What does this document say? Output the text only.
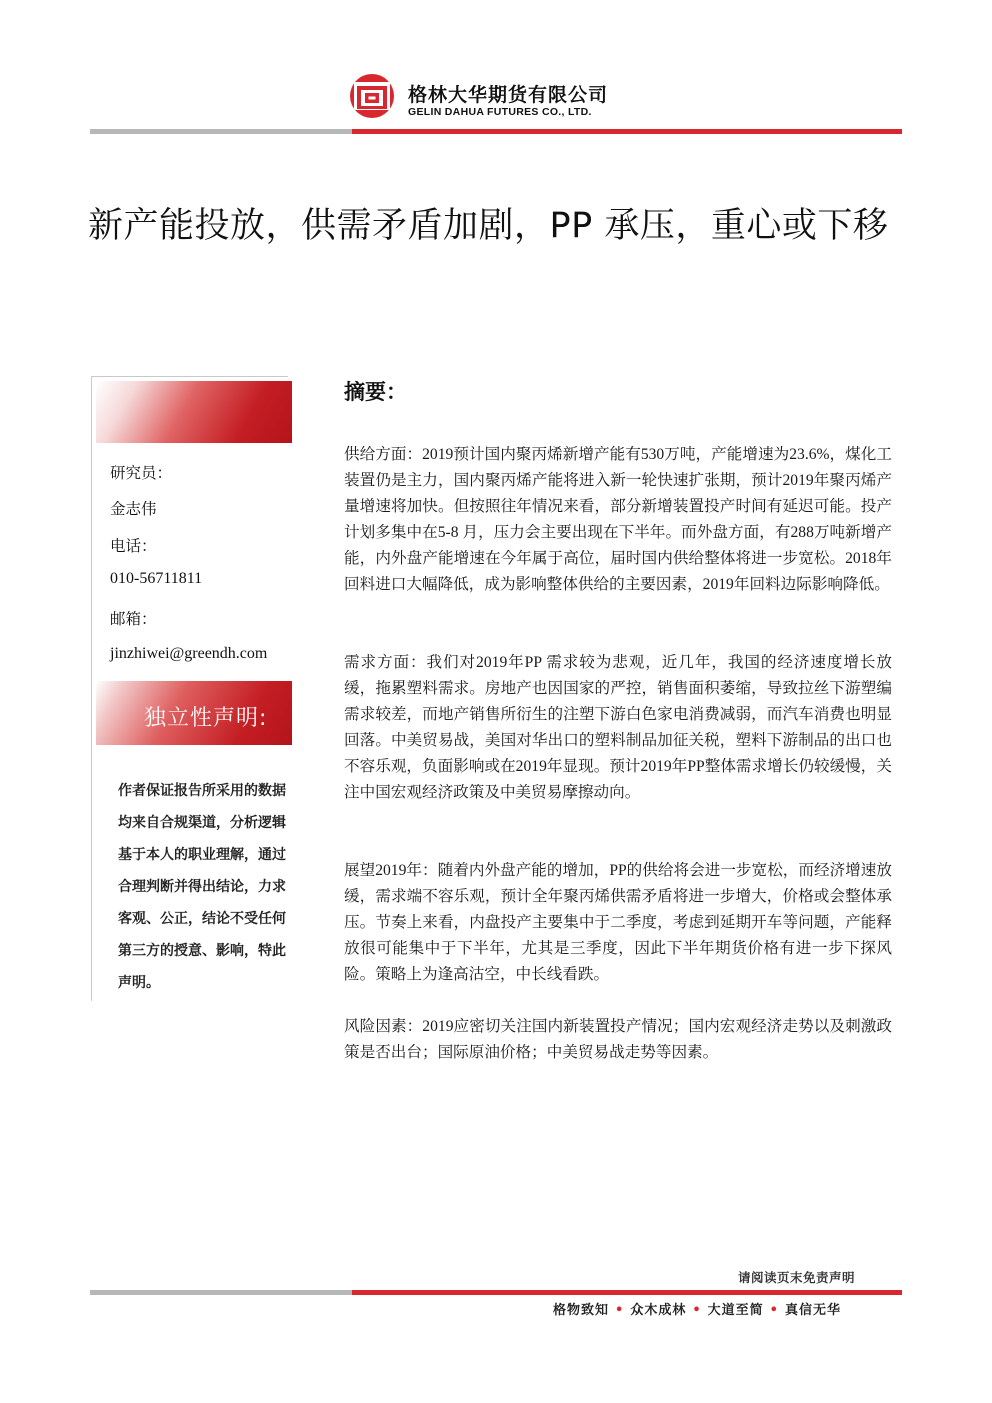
格林大华期货有限公司
GELIN DAHUA FUTURES CO., LTD.
新产能投放，供需矛盾加剧，PP 承压，重心或下移
研究员：
金志伟
电话：
010-56711811
邮箱：
jinzhiwei@greendh.com
独立性声明:
作者保证报告所采用的数据均来自合规渠道，分析逻辑基于本人的职业理解，通过合理判断并得出结论，力求客观、公正，结论不受任何第三方的授意、影响，特此声明。
摘要：
供给方面：2019预计国内聚丙烯新增产能有530万吨，产能增速为23.6%，煤化工装置仍是主力，国内聚丙烯产能将进入新一轮快速扩张期，预计2019年聚丙烯产量增速将加快。但按照往年情况来看，部分新增装置投产时间有延迟可能。投产计划多集中在5-8 月，压力会主要出现在下半年。而外盘方面，有288万吨新增产能，内外盘产能增速在今年属于高位，届时国内供给整体将进一步宽松。2018年回料进口大幅降低，成为影响整体供给的主要因素，2019年回料边际影响降低。
需求方面：我们对2019年PP 需求较为悲观，近几年，我国的经济速度增长放缓，拖累塑料需求。房地产也因国家的严控，销售面积萎缩，导致拉丝下游塑编需求较差，而地产销售所衍生的注塑下游白色家电消费减弱，而汽车消费也明显回落。中美贸易战，美国对华出口的塑料制品加征关税，塑料下游制品的出口也不容乐观，负面影响或在2019年显现。预计2019年PP整体需求增长仍较缓慢，关注中国宏观经济政策及中美贸易摩擦动向。
展望2019年：随着内外盘产能的增加，PP的供给将会进一步宽松，而经济增速放缓，需求端不容乐观，预计全年聚丙烯供需矛盾将进一步增大，价格或会整体承压。节奏上来看，内盘投产主要集中于二季度，考虑到延期开车等问题，产能释放很可能集中于下半年，尤其是三季度，因此下半年期货价格有进一步下探风险。策略上为逢高沽空，中长线看跌。
风险因素：2019应密切关注国内新装置投产情况；国内宏观经济走势以及刺激政策是否出台；国际原油价格；中美贸易战走势等因素。
请阅读页末免责声明
格物致知 • 众木成林 • 大道至简 • 真信无华
